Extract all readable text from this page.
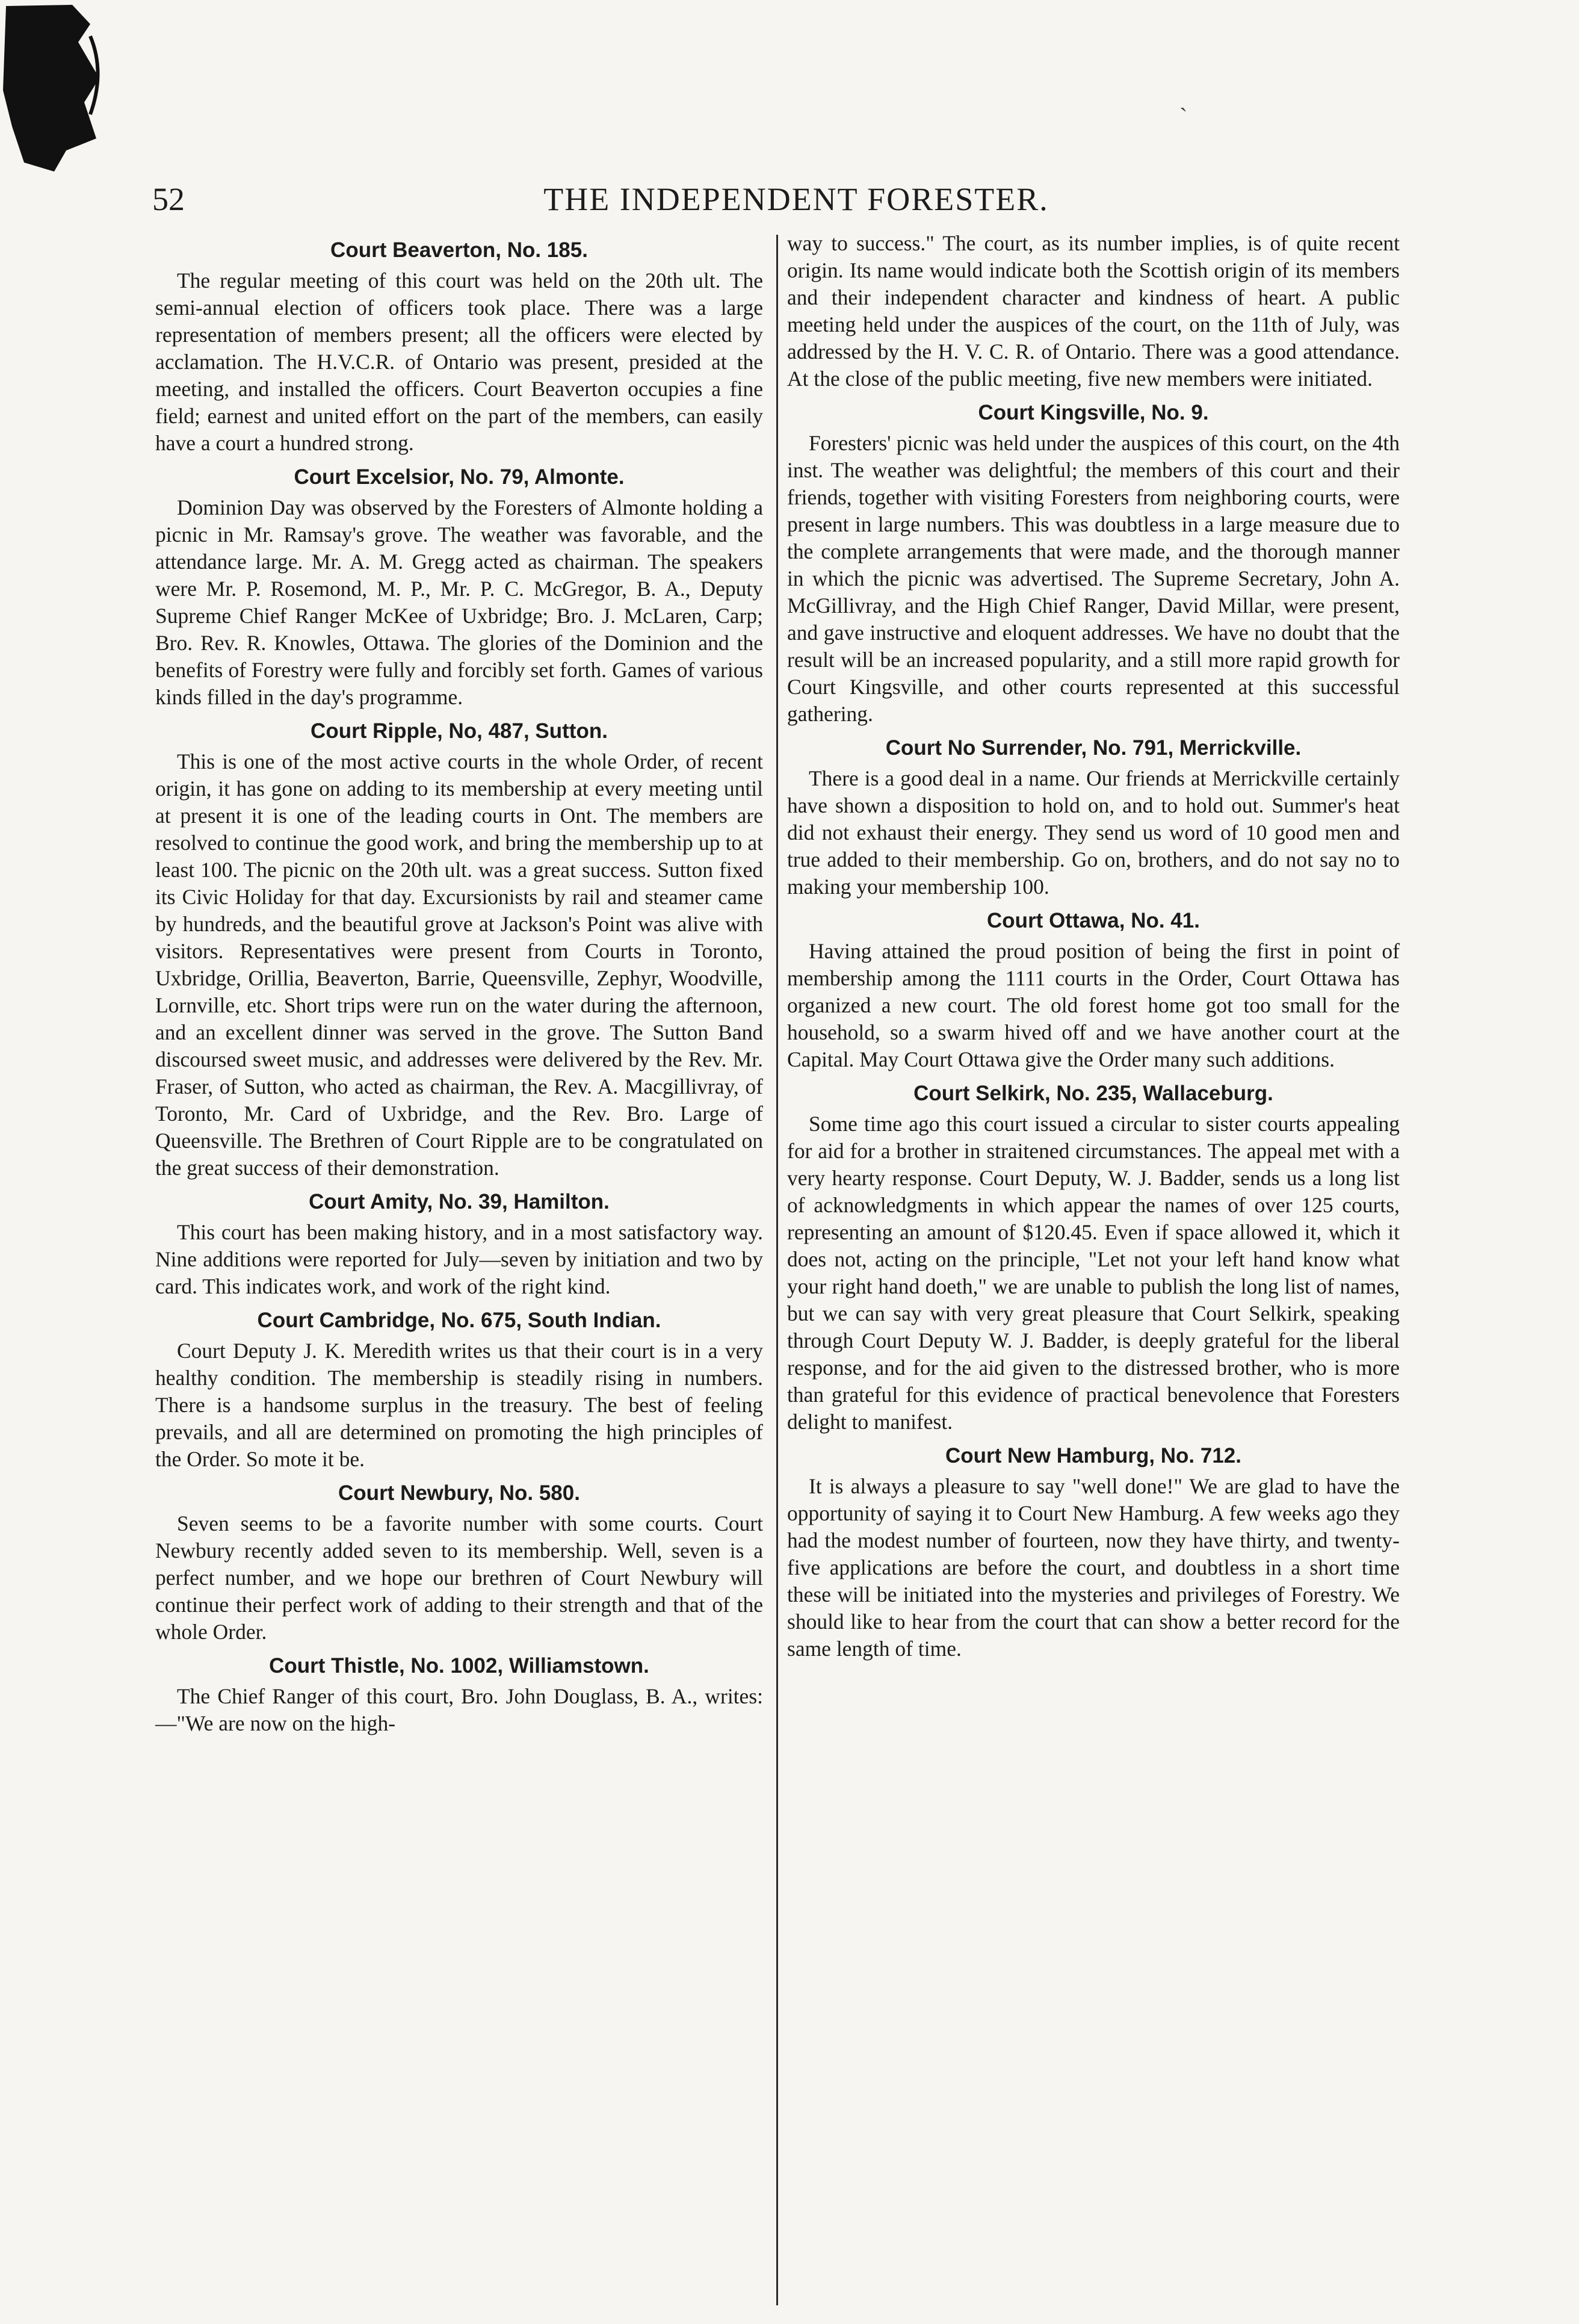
`
52	THE INDEPENDENT FORESTER.
Court Beaverton, No. 185.

The regular meeting of this court was held on the 20th ult. The semi-annual election of officers took place. There was a large representation of members present; all the officers were elected by acclamation. The H.V.C.R. of Ontario was present, presided at the meeting, and installed the officers. Court Beaverton occupies a fine field; earnest and united effort on the part of the members, can easily have a court a hundred strong.

Court Excelsior, No. 79, Almonte.

Dominion Day was observed by the Foresters of Almonte holding a picnic in Mr. Ramsay's grove. The weather was favorable, and the attendance large. Mr. A. M. Gregg acted as chairman. The speakers were Mr. P. Rosemond, M. P., Mr. P. C. McGregor, B. A., Deputy Supreme Chief Ranger McKee of Uxbridge; Bro. J. McLaren, Carp; Bro. Rev. R. Knowles, Ottawa. The glories of the Dominion and the benefits of Forestry were fully and forcibly set forth. Games of various kinds filled in the day's programme.

Court Ripple, No, 487, Sutton.

This is one of the most active courts in the whole Order, of recent origin, it has gone on adding to its membership at every meeting until at present it is one of the leading courts in Ont. The members are resolved to continue the good work, and bring the membership up to at least 100. The picnic on the 20th ult. was a great success. Sutton fixed its Civic Holiday for that day. Excursionists by rail and steamer came by hundreds, and the beautiful grove at Jackson's Point was alive with visitors. Representatives were present from Courts in Toronto, Uxbridge, Orillia, Beaverton, Barrie, Queensville, Zephyr, Woodville, Lornville, etc. Short trips were run on the water during the afternoon, and an excellent dinner was served in the grove. The Sutton Band discoursed sweet music, and addresses were delivered by the Rev. Mr. Fraser, of Sutton, who acted as chairman, the Rev. A. Macgillivray, of Toronto, Mr. Card of Uxbridge, and the Rev. Bro. Large of Queensville. The Brethren of Court Ripple are to be congratulated on the great success of their demonstration.

Court Amity, No. 39, Hamilton.

This court has been making history, and in a most satisfactory way. Nine additions were reported for July—seven by initiation and two by card. This indicates work, and work of the right kind.

Court Cambridge, No. 675, South Indian.

Court Deputy J. K. Meredith writes us that their court is in a very healthy condition. The membership is steadily rising in numbers. There is a handsome surplus in the treasury. The best of feeling prevails, and all are determined on promoting the high principles of the Order. So mote it be.

Court Newbury, No. 580.

Seven seems to be a favorite number with some courts. Court Newbury recently added seven to its membership. Well, seven is a perfect number, and we hope our brethren of Court Newbury will continue their perfect work of adding to their strength and that of the whole Order.

Court Thistle, No. 1002, Williamstown.

The Chief Ranger of this court, Bro. John Douglass, B. A., writes:—"We are now on the high-

way to success." The court, as its number implies, is of quite recent origin. Its name would indicate both the Scottish origin of its members and their independent character and kindness of heart. A public meeting held under the auspices of the court, on the 11th of July, was addressed by the H. V. C. R. of Ontario. There was a good attendance. At the close of the public meeting, five new members were initiated.

Court Kingsville, No. 9.

Foresters' picnic was held under the auspices of this court, on the 4th inst. The weather was delightful; the members of this court and their friends, together with visiting Foresters from neighboring courts, were present in large numbers. This was doubtless in a large measure due to the complete arrangements that were made, and the thorough manner in which the picnic was advertised. The Supreme Secretary, John A. McGillivray, and the High Chief Ranger, David Millar, were present, and gave instructive and eloquent addresses. We have no doubt that the result will be an increased popularity, and a still more rapid growth for Court Kingsville, and other courts represented at this successful gathering.

Court No Surrender, No. 791, Merrickville.

There is a good deal in a name. Our friends at Merrickville certainly have shown a disposition to hold on, and to hold out. Summer's heat did not exhaust their energy. They send us word of 10 good men and true added to their membership. Go on, brothers, and do not say no to making your membership 100.

Court Ottawa, No. 41.

Having attained the proud position of being the first in point of membership among the 1111 courts in the Order, Court Ottawa has organized a new court. The old forest home got too small for the household, so a swarm hived off and we have another court at the Capital. May Court Ottawa give the Order many such additions.

Court Selkirk, No. 235, Wallaceburg.

Some time ago this court issued a circular to sister courts appealing for aid for a brother in straitened circumstances. The appeal met with a very hearty response. Court Deputy, W. J. Badder, sends us a long list of acknowledgments in which appear the names of over 125 courts, representing an amount of $120.45. Even if space allowed it, which it does not, acting on the principle, "Let not your left hand know what your right hand doeth," we are unable to publish the long list of names, but we can say with very great pleasure that Court Selkirk, speaking through Court Deputy W. J. Badder, is deeply grateful for the liberal response, and for the aid given to the distressed brother, who is more than grateful for this evidence of practical benevolence that Foresters delight to manifest.

Court New Hamburg, No. 712.

It is always a pleasure to say "well done!" We are glad to have the opportunity of saying it to Court New Hamburg. A few weeks ago they had the modest number of fourteen, now they have thirty, and twenty-five applications are before the court, and doubtless in a short time these will be initiated into the mysteries and privileges of Forestry. We should like to hear from the court that can show a better record for the same length of time.
